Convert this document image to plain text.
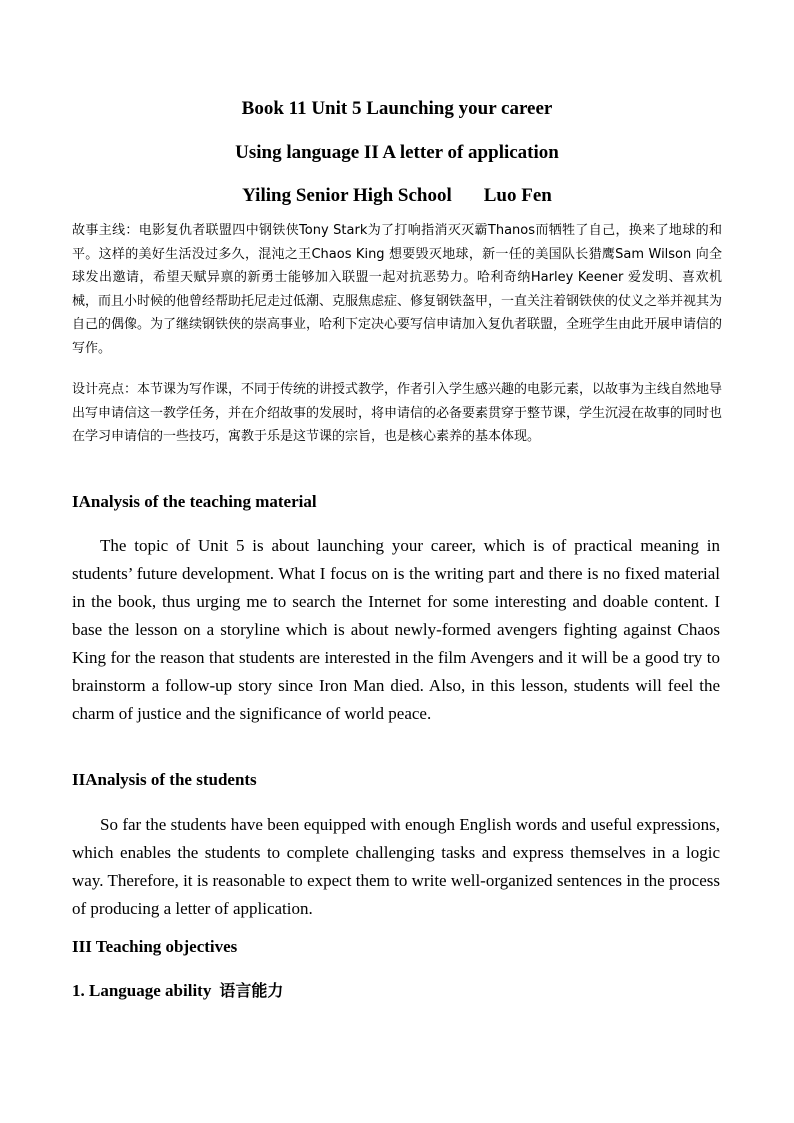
Book 11 Unit 5 Launching your career
Using language II A letter of application
Yiling Senior High School Luo Fen
故事主线：电影复仇者联盟四中钢铁侠Tony Stark为了打响指消灭灭霸Thanos而牺牲了自己，换来了地球的和平。这样的美好生活没过多久，混沌之王Chaos King 想要毁灭地球，新一任的美国队长猎鹰Sam Wilson 向全球发出邀请，希望天赋异禀的新勇士能够加入联盟一起对抗恶势力。哈利奇纳Harley Keener 爱发明、喜欢机械，而且小时候的他曾经帮助托尼走过低潮、克服焦虑症、修复钢铁盔甲，一直关注着钢铁侠的仗义之举并视其为自己的偶像。为了继续钢铁侠的崇高事业，哈利下定决心要写信申请加入复仇者联盟，全班学生由此开展申请信的写作。
设计亮点：本节课为写作课，不同于传统的讲授式教学，作者引入学生感兴趣的电影元素，以故事为主线自然地导出写申请信这一教学任务，并在介绍故事的发展时，将申请信的必备要素贯穿于整节课，学生沉浸在故事的同时也在学习申请信的一些技巧，寓教于乐是这节课的宗旨，也是核心素养的基本体现。
IAnalysis of the teaching material
The topic of Unit 5 is about launching your career, which is of practical meaning in students’ future development. What I focus on is the writing part and there is no fixed material in the book, thus urging me to search the Internet for some interesting and doable content. I base the lesson on a storyline which is about newly-formed avengers fighting against Chaos King for the reason that students are interested in the film Avengers and it will be a good try to brainstorm a follow-up story since Iron Man died. Also, in this lesson, students will feel the charm of justice and the significance of world peace.
IIAnalysis of the students
So far the students have been equipped with enough English words and useful expressions, which enables the students to complete challenging tasks and express themselves in a logic way. Therefore, it is reasonable to expect them to write well-organized sentences in the process of producing a letter of application.
III Teaching objectives
1. Language ability 语言能力
